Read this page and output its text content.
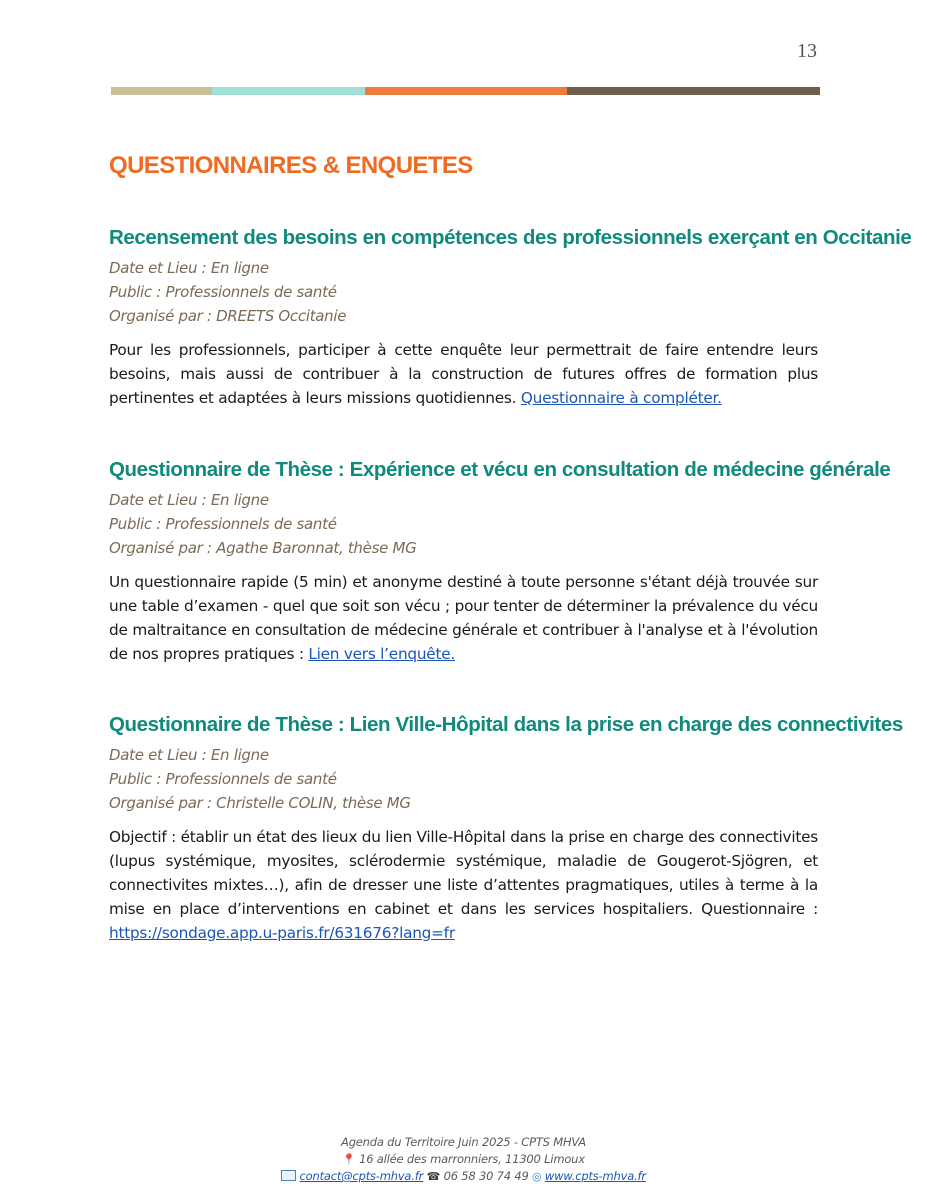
13
QUESTIONNAIRES & ENQUETES
Recensement des besoins en compétences des professionnels exerçant en Occitanie
Date et Lieu : En ligne
Public : Professionnels de santé
Organisé par : DREETS Occitanie
Pour les professionnels, participer à cette enquête leur permettrait de faire entendre leurs besoins, mais aussi de contribuer à la construction de futures offres de formation plus pertinentes et adaptées à leurs missions quotidiennes. Questionnaire à compléter.
Questionnaire de Thèse : Expérience et vécu en consultation de médecine générale
Date et Lieu : En ligne
Public : Professionnels de santé
Organisé par : Agathe Baronnat, thèse MG
Un questionnaire rapide (5 min) et anonyme destiné à toute personne s'étant déjà trouvée sur une table d’examen - quel que soit son vécu ; pour tenter de déterminer la prévalence du vécu de maltraitance en consultation de médecine générale et contribuer à l'analyse et à l'évolution de nos propres pratiques : Lien vers l’enquête.
Questionnaire de Thèse : Lien Ville-Hôpital dans la prise en charge des connectivites
Date et Lieu : En ligne
Public : Professionnels de santé
Organisé par : Christelle COLIN, thèse MG
Objectif : établir un état des lieux du lien Ville-Hôpital dans la prise en charge des connectivites (lupus systémique, myosites, sclérodermie systémique, maladie de Gougerot-Sjögren, et connectivites mixtes…), afin de dresser une liste d’attentes pragmatiques, utiles à terme à la mise en place d’interventions en cabinet et dans les services hospitaliers. Questionnaire : https://sondage.app.u-paris.fr/631676?lang=fr
Agenda du Territoire Juin 2025 - CPTS MHVA
📍 16 allée des marronniers, 11300 Limoux
contact@cpts-mhva.fr ☎ 06 58 30 74 49 ◎ www.cpts-mhva.fr
